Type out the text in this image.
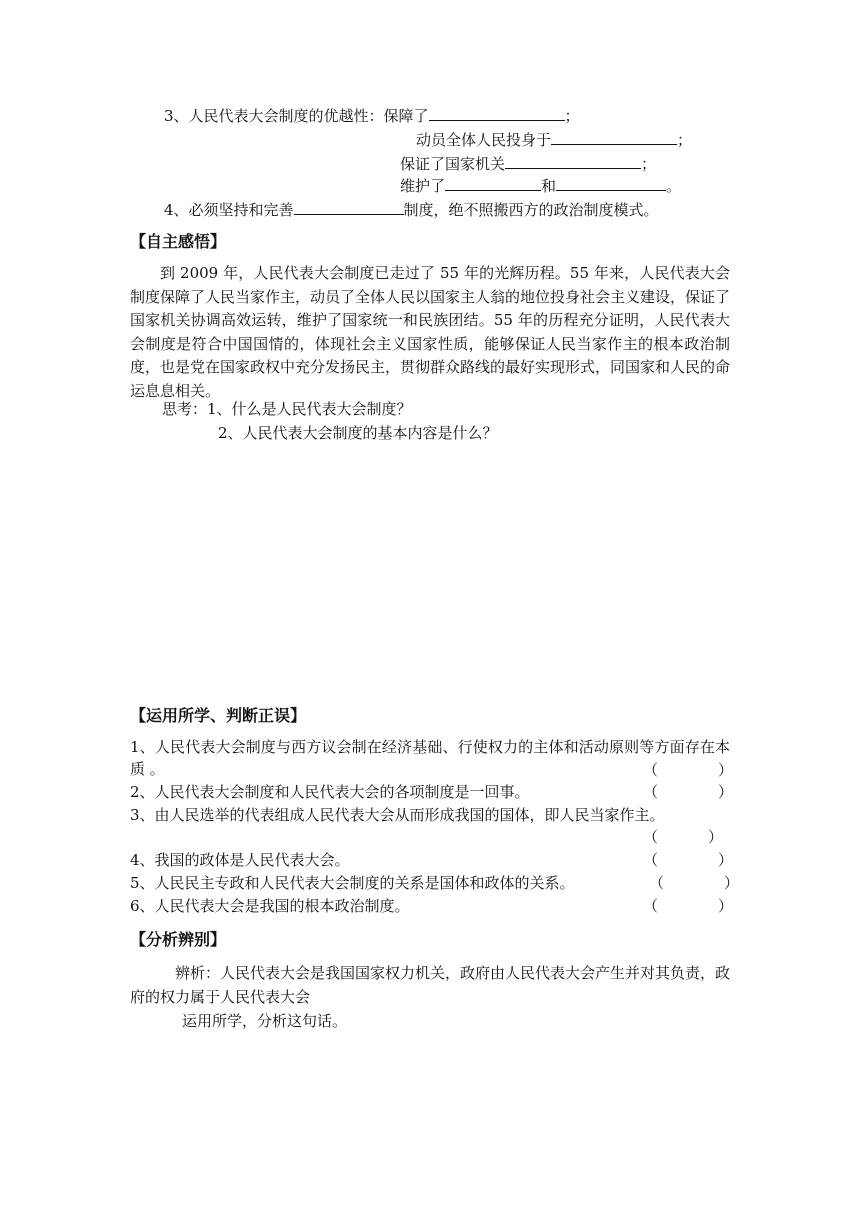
3、人民代表大会制度的优越性：保障了	；
动员全体人民投身于	；
保证了国家机关	；
维护了	和	。
4、必须坚持和完善	制度，绝不照搬西方的政治制度模式。
【自主感悟】
到 2009 年，人民代表大会制度已走过了 55 年的光辉历程。55 年来，人民代表大会制度保障了人民当家作主，动员了全体人民以国家主人翁的地位投身社会主义建设，保证了国家机关协调高效运转，维护了国家统一和民族团结。55 年的历程充分证明，人民代表大会制度是符合中国国情的，体现社会主义国家性质，能够保证人民当家作主的根本政治制度，也是党在国家政权中充分发扬民主，贯彻群众路线的最好实现形式，同国家和人民的命运息息相关。
思考：1、什么是人民代表大会制度？
2、人民代表大会制度的基本内容是什么？
【运用所学、判断正误】
1、人民代表大会制度与西方议会制在经济基础、行使权力的主体和活动原则等方面存在本质 。	（　　　　）
2、人民代表大会制度和人民代表大会的各项制度是一回事。	（　　　　）
3、由人民选举的代表组成人民代表大会从而形成我国的国体，即人民当家作主。
（　　　　）
4、我国的政体是人民代表大会。	（　　　　）
5、人民民主专政和人民代表大会制度的关系是国体和政体的关系。	（　　　　）
6、人民代表大会是我国的根本政治制度。	（　　　　）
【分析辨别】
辨析：人民代表大会是我国国家权力机关，政府由人民代表大会产生并对其负责，政府的权力属于人民代表大会
运用所学，分析这句话。
